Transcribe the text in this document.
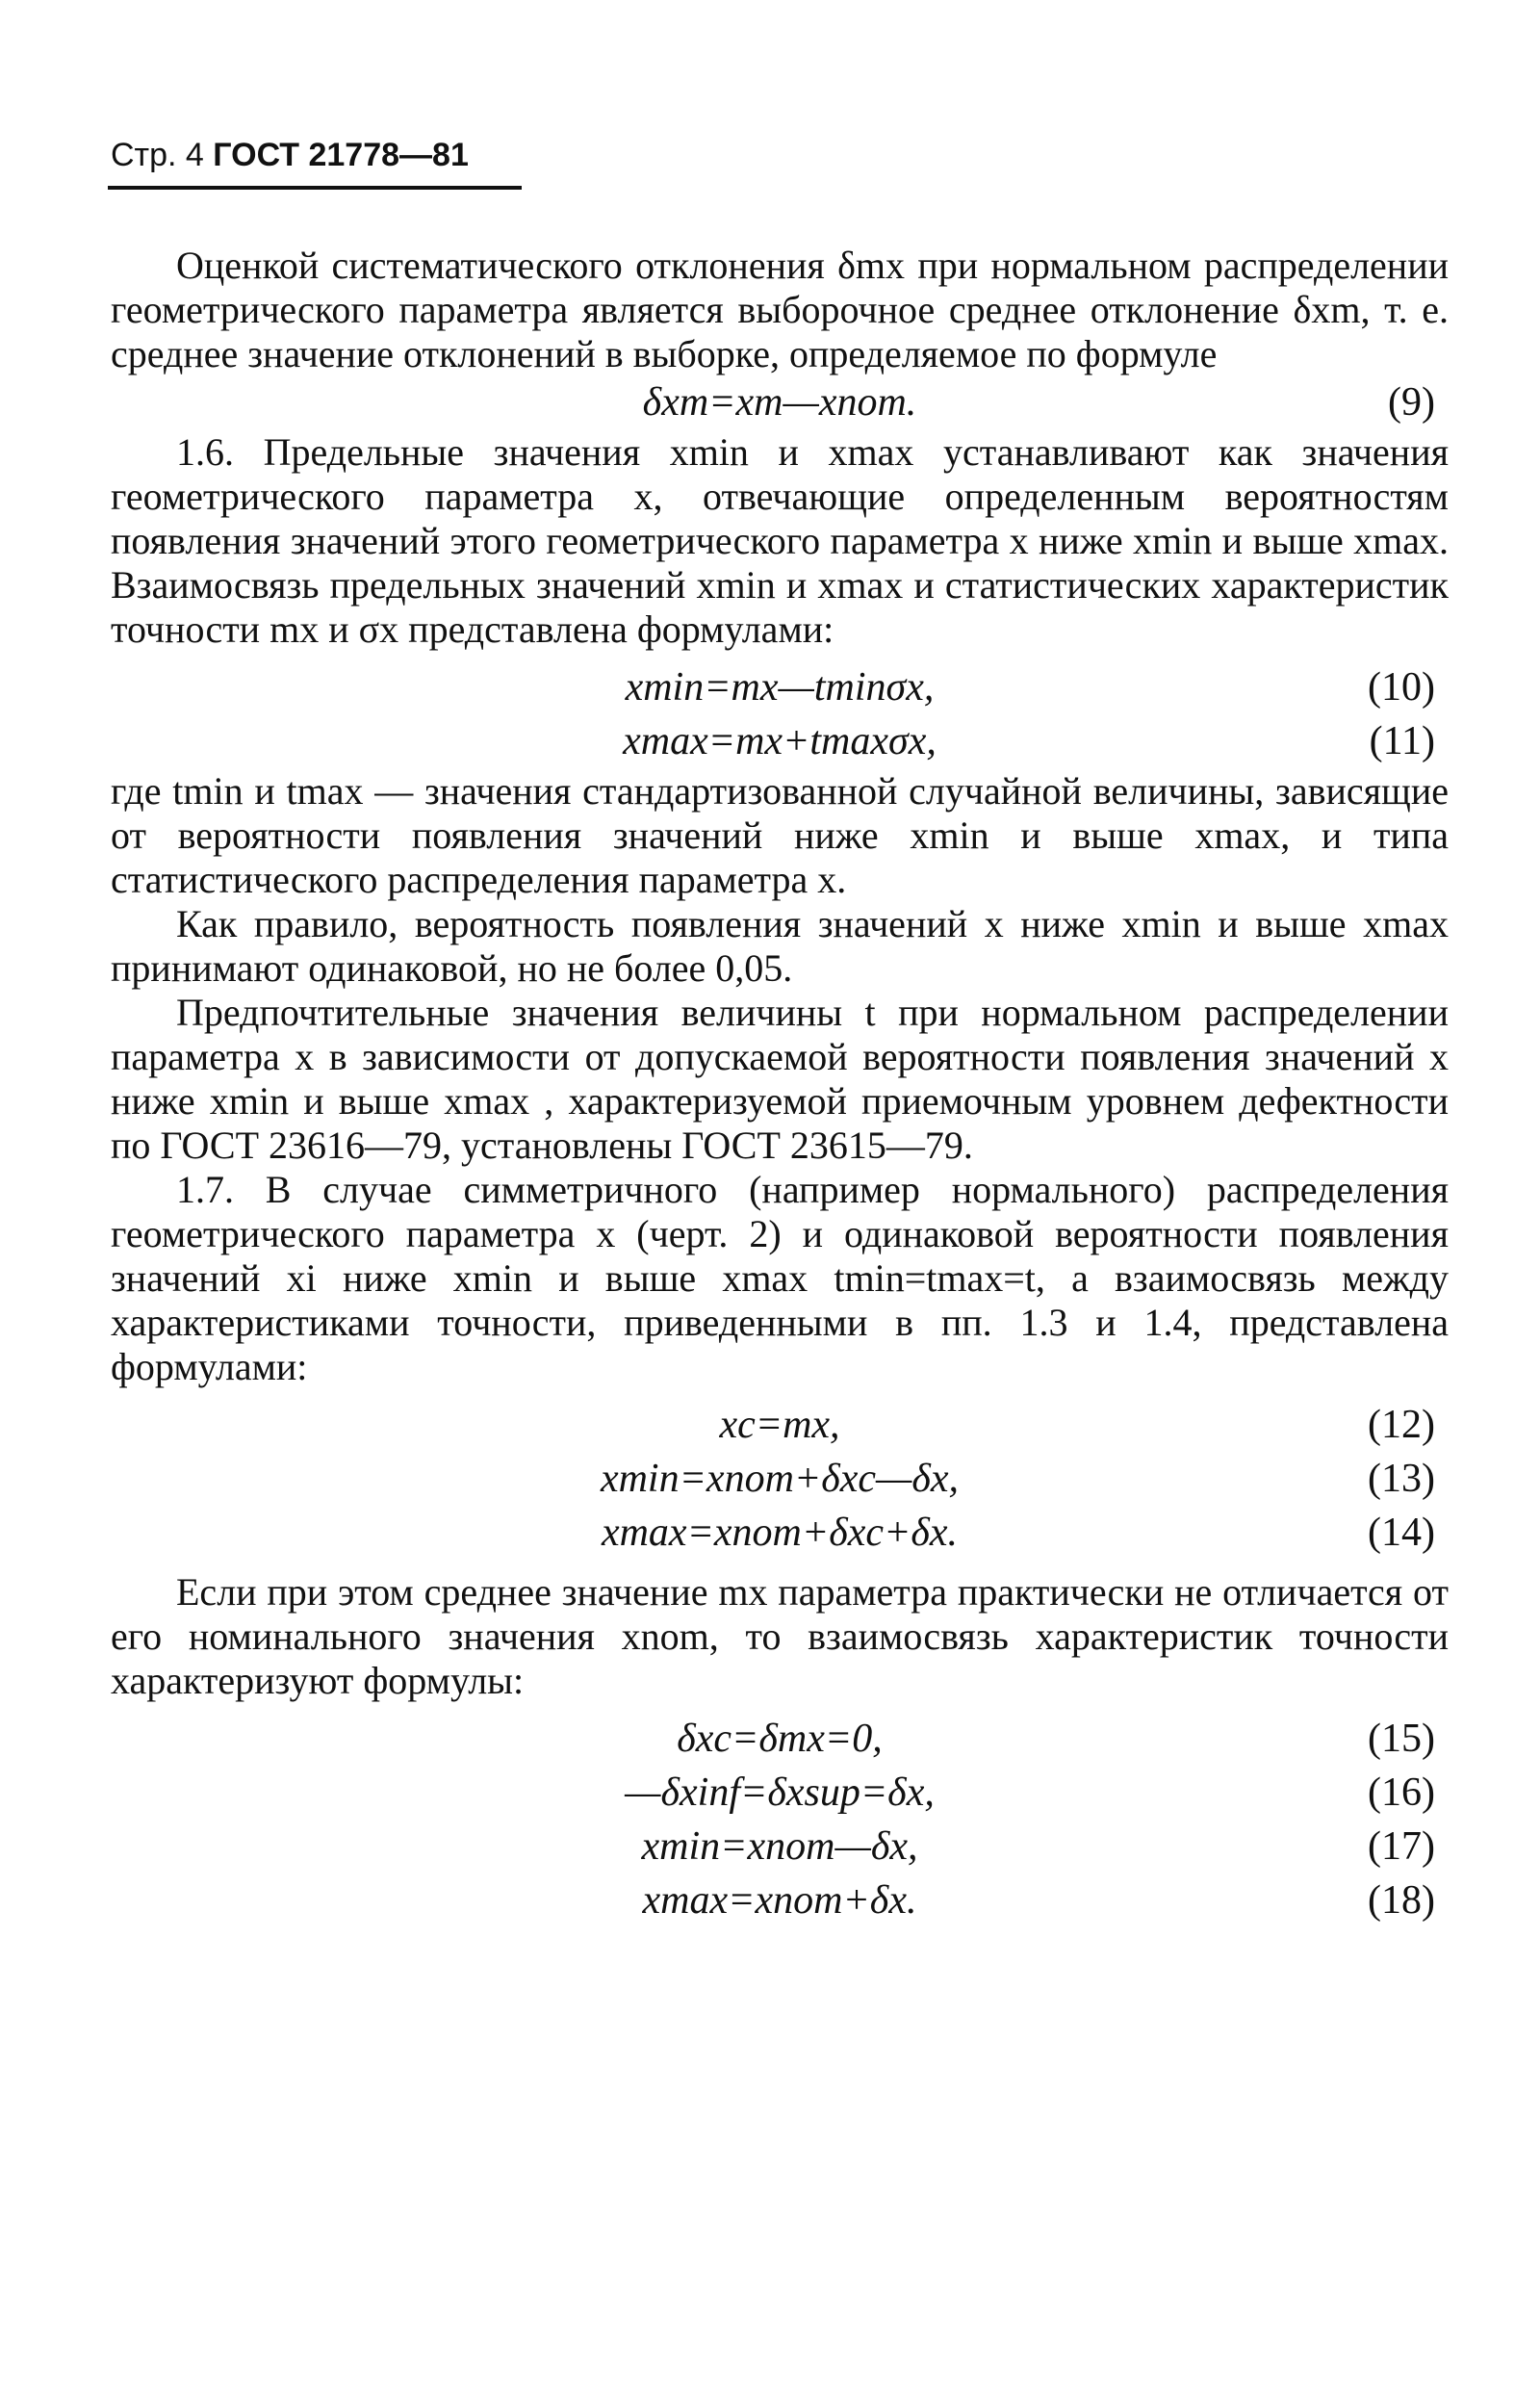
Стр. 4 ГОСТ 21778—81

Оценкой систематического отклонения δmx при нормальном распределении геометрического параметра является выборочное среднее отклонение δxm, т. е. среднее значение отклонений в выборке, определяемое по формуле

δxm=xm—xnom.	(9)

1.6. Предельные значения xmin и xmax устанавливают как значения геометрического параметра x, отвечающие определенным вероятностям появления значений этого геометрического параметра x ниже xmin и выше xmax. Взаимосвязь предельных значений xmin и xmax и статистических характеристик точности mx и σx представлена формулами:

xmin=mx—tminσx,	(10)
xmax=mx+tmaxσx,	(11)

где tmin и tmax — значения стандартизованной случайной величины, зависящие от вероятности появления значений ниже xmin и выше xmax, и типа статистического распределения параметра x.

Как правило, вероятность появления значений x ниже xmin и выше xmax принимают одинаковой, но не более 0,05.

Предпочтительные значения величины t при нормальном распределении параметра x в зависимости от допускаемой вероятности появления значений x ниже xmin и выше xmax , характеризуемой приемочным уровнем дефектности по ГОСТ 23616—79, установлены ГОСТ 23615—79.

1.7. В случае симметричного (например нормального) распределения геометрического параметра x (черт. 2) и одинаковой вероятности появления значений xi ниже xmin и выше xmax tmin=tmax=t, а взаимосвязь между характеристиками точности, приведенными в пп. 1.3 и 1.4, представлена формулами:

xc=mx,	(12)
xmin=xnom+δxc—δx,	(13)
xmax=xnom+δxc+δx.	(14)

Если при этом среднее значение mx параметра практически не отличается от его номинального значения xnom, то взаимосвязь характеристик точности характеризуют формулы:

δxc=δmx=0,	(15)
—δxinf=δxsup=δx,	(16)
xmin=xnom—δx,	(17)
xmax=xnom+δx.	(18)
